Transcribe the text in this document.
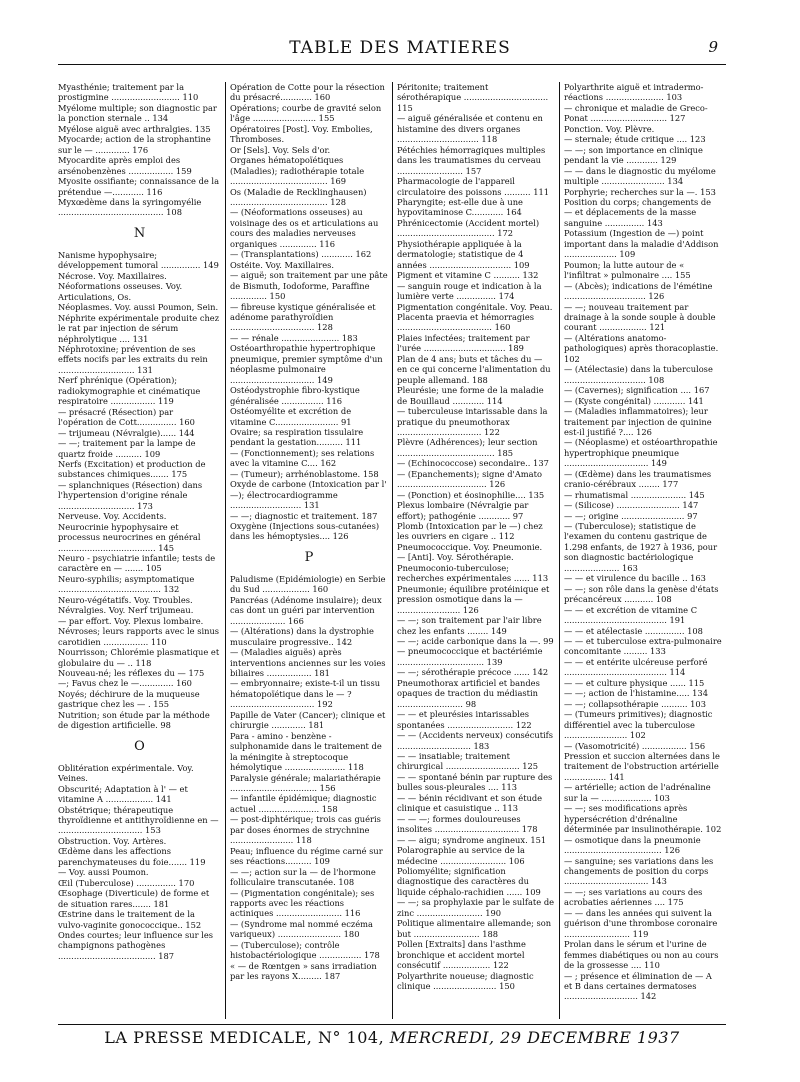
TABLE DES MATIERES	9

Myasthénie; traitement par la prostigmine .......................... 110

Myélome multiple; son diagnostic par la ponction sternale .. 134

Myélose aiguë avec arthralgies. 135

Myocarde; action de la strophantine sur le — ............. 176

Myocardite après emploi des arsénobenzènes ................. 159

Myosite ossifiante; connaissance de la prétendue —............ 116

Myxœdème dans la syringomyélie ........................................ 108

N

Nanisme hypophysaire; développement tumoral ............... 149

Nécrose. Voy. Maxillaires.

Néoformations osseuses. Voy. Articulations, Os.

Néoplasmes. Voy. aussi Poumon, Sein.

Néphrite expérimentale produite chez le rat par injection de sérum néphrolytique .... 131

Néphrotoxine; prévention de ses effets nocifs par les extraits du rein ............................. 131

Nerf phrénique (Opération); radiokymographie et cinématique respiratoire ................. 119

— présacré (Résection) par l'opération de Cott............... 160

— trijumeau (Névralgie)...... 144

— —; traitement par la lampe de quartz froide .......... 109

Nerfs (Excitation) et production de substances chimiques....... 175

— splanchniques (Résection) dans l'hypertension d'origine rénale ............................. 173

Nerveuse. Voy. Accidents.

Neurocrinie hypophysaire et processus neurocrines en général ..................................... 145

Neuro - psychiatrie infantile; tests de caractère en — ....... 105

Neuro-syphilis; asymptomatique ....................................... 132

Neuro-végétatifs. Voy. Troubles.

Névralgies. Voy. Nerf trijumeau.

— par effort. Voy. Plexus lombaire.

Névroses; leurs rapports avec le sinus carotidien ................. 110

Nourrisson; Chlorémie plasmatique et globulaire du — .. 118

Nouveau-né; les réflexes du — 175

—; Favus chez le —............. 160

Noyés; déchirure de la muqueuse gastrique chez les — . 155

Nutrition; son étude par la méthode de digestion artificielle. 98

O

Oblitération expérimentale. Voy. Veines.

Obscurité; Adaptation à l' — et vitamine A .................. 141

Obstétrique; thérapeutique thyroïdienne et antithyroïdienne en — ................................ 153

Obstruction. Voy. Artères.

Œdème dans les affections parenchymateuses du foie....... 119

— Voy. aussi Poumon.

Œil (Tuberculose) ............... 170

Œsophage (Diverticule) de forme et de situation rares....... 181

Œstrine dans le traitement de la vulvo-vaginite gonococcique.. 152

Ondes courtes; leur influence sur les champignons pathogènes ..................................... 187

Opération de Cotte pour la résection du présacré............ 160

Opérations; courbe de gravité selon l'âge ........................ 155

Opératoires [Post]. Voy. Embolies, Thromboses.

Or [Sels]. Voy. Sels d'or.

Organes hématopoïétiques (Maladies); radiothérapie totale ..................................... 169

Os (Maladie de Recklinghausen) ..................................... 128

— (Néoformations osseuses) au voisinage des os et articulations au cours des maladies nerveuses organiques .............. 116

— (Transplantations) ............ 162

Ostéite. Voy. Maxillaires.

— aiguë; son traitement par une pâte de Bismuth, Iodoforme, Paraffine .............. 150

— fibreuse kystique généralisée et adénome parathyroïdien ................................ 128

— — rénale ...................... 183

Ostéoarthropathie hypertrophique pneumique, premier symptôme d'un néoplasme pulmonaire ................................ 149

Ostéodystrophie fibro-kystique généralisée ................ 116

Ostéomyélite et excrétion de vitamine C........................ 91

Ovaire; sa respiration tissulaire pendant la gestation.......... 111

— (Fonctionnement); ses relations avec la vitamine C.... 162

— (Tumeur); arrhénoblastome. 158

Oxyde de carbone (Intoxication par l' —); électrocardiogramme ........................... 131

— —; diagnostic et traitement. 187

Oxygène (Injections sous-cutanées) dans les hémoptysies.... 126

P

Paludisme (Epidémiologie) en Serbie du Sud .................. 160

Pancréas (Adénome insulaire); deux cas dont un guéri par intervention ..................... 166

— (Altérations) dans la dystrophie musculaire progressive.. 142

— (Maladies aiguës) après interventions anciennes sur les voies biliaires ................. 181

— embryonnaire; existe-t-il un tissu hématopoïétique dans le — ? ................................ 192

Papille de Vater (Cancer); clinique et chirurgie ............. 181

Para - amino - benzène - sulphonamide dans le traitement de la méningite à streptocoque hémolytique ....................... 118

Paralysie générale; malariathérapie ................................. 156

— infantile épidémique; diagnostic actuel ....................... 158

— post-diphtérique; trois cas guéris par doses énormes de strychnine ........................ 118

Peau; influence du régime carné sur ses réactions.......... 109

— —; action sur la — de l'hormone folliculaire transcutanée. 108

— (Pigmentation congénitale); ses rapports avec les réactions actiniques ......................... 116

— (Syndrome mal nommé eczéma variqueux) ........................ 180

— (Tuberculose); contrôle histobactériologique ................ 178

« — de Rœntgen » sans irradiation par les rayons X......... 187

Péritonite; traitement sérothérapique ................................ 115

— aiguë généralisée et contenu en histamine des divers organes ............................... 118

Pétéchies hémorragiques multiples dans les traumatismes du cerveau ......................... 157

Pharmacologie de l'appareil circulatoire des poissons .......... 111

Pharyngite; est-elle due à une hypovitaminose C............ 164

Phrénicectomie (Accident mortel) ..................................... 172

Physiothérapie appliquée à la dermatologie; statistique de 4 années ............................... 109

Pigment et vitamine C .......... 132

— sanguin rouge et indication à la lumière verte ............... 174

Pigmentation congénitale. Voy. Peau.

Placenta praevia et hémorragies .................................... 160

Plaies infectées; traitement par l'urée ............................... 189

Plan de 4 ans; buts et tâches du — en ce qui concerne l'alimentation du peuple allemand. 188

Pleurésie; une forme de la maladie de Bouillaud ............ 114

— tuberculeuse intarissable dans la pratique du pneumothorax ................................ 122

Plèvre (Adhérences); leur section ..................................... 185

— (Echinococcose) secondaire.. 137

— (Epanchements); signe d'Amato .................................. 126

— (Ponction) et éosinophilie.... 135

Plexus lombaire (Névralgie par effort); pathogénie ............ 97

Plomb (Intoxication par le —) chez les ouvriers en cigare .. 112

Pneumococcique. Voy. Pneumonie.

— [Anti]. Voy. Sérothérapie.

Pneumoconio-tuberculose; recherches expérimentales ...... 113

Pneumonie; équilibre protéinique et pression osmotique dans la — ........................ 126

— —; son traitement par l'air libre chez les enfants ........ 149

— —; acide carbonique dans la —. 99

— pneumococcique et bactériémie ................................. 139

— —; sérothérapie précoce ...... 142

Pneumothorax artificiel et bandes opaques de traction du médiastin ......................... 98

— — et pleurésies intarissables spontanées ......................... 122

— — (Accidents nerveux) consécutifs ............................ 183

— — insatiable; traitement chirurgical ............................ 125

— — spontané bénin par rupture des bulles sous-pleurales .... 113

— — bénin récidivant et son étude clinique et casuistique .. 113

— — —; formes douloureuses insolites ................................ 178

— — aigu; syndrome angineux. 151

Polarographie au service de la médecine ......................... 106

Poliomyélite; signification diagnostique des caractères du liquide céphalo-rachidien ...... 109

— —; sa prophylaxie par le sulfate de zinc ......................... 190

Politique alimentaire allemande; son but ......................... 188

Pollen [Extraits] dans l'asthme bronchique et accident mortel consécutif .................. 122

Polyarthrite noueuse; diagnostic clinique ........................ 150

Polyarthrite aiguë et intradermo-réactions ...................... 103

— chronique et maladie de Greco-Ponat ............................. 127

Ponction. Voy. Plèvre.

— sternale; étude critique .... 123

— —; son importance en clinique pendant la vie ............ 129

— — dans le diagnostic du myélome multiple ........................ 134

Porphyrie; recherches sur la —. 153

Position du corps; changements de — et déplacements de la masse sanguine ............... 143

Potassium (Ingestion de —) point important dans la maladie d'Addison .................... 109

Poumon; la lutte autour de « l'infiltrat » pulmonaire .... 155

— (Abcès); indications de l'émétine ............................... 126

— —; nouveau traitement par drainage à la sonde souple à double courant .................. 121

— (Altérations anatomo-pathologiques) après thoracoplastie. 102

— (Atélectasie) dans la tuberculose ............................... 108

— (Cavernes); signification .... 167

— (Kyste congénital) ............ 141

— (Maladies inflammatoires); leur traitement par injection de quinine est-il justifié ?.... 126

— (Néoplasme) et ostéoarthropathie hypertrophique pneumique ................................ 149

— (Œdème) dans les traumatismes cranio-cérébraux ........ 177

— rhumatismal ..................... 145

— (Silicose) ........................ 147

— —; origine ........................ 97

— (Tuberculose); statistique de l'examen du contenu gastrique de 1.298 enfants, de 1927 à 1936, pour son diagnostic bactériologique ..................... 163

— — et virulence du bacille .. 163

— —; son rôle dans la genèse d'états précancéreux ........... 108

— — et excrétion de vitamine C ....................................... 191

— — et atélectasie ............... 108

— — et tuberculose extra-pulmonaire concomitante ......... 133

— — et entérite ulcéreuse perforé ....................................... 114

— — et culture physique ...... 115

— —; action de l'histamine..... 134

— —; collapsothérapie .......... 103

— (Tumeurs primitives); diagnostic différentiel avec la tuberculose ........................ 102

— (Vasomotricité) ................. 156

Pression et succion alternées dans le traitement de l'obstruction artérielle ................ 141

— artérielle; action de l'adrénaline sur la — ................... 103

— —; ses modifications après hypersécrétion d'drénaline déterminée par insulinothérapie. 102

— osmotique dans la pneumonie ..................................... 126

— sanguine; ses variations dans les changements de position du corps ................................ 143

— —; ses variations au cours des acrobaties aériennes .... 175

— — dans les années qui suivent la guérison d'une thrombose coronaire ......................... 119

Prolan dans le sérum et l'urine de femmes diabétiques ou non au cours de la grossesse .... 110

— ; présence et élimination de — A et B dans certaines dermatoses ............................ 142

LA PRESSE MEDICALE, N° 104, MERCREDI, 29 DECEMBRE 1937
